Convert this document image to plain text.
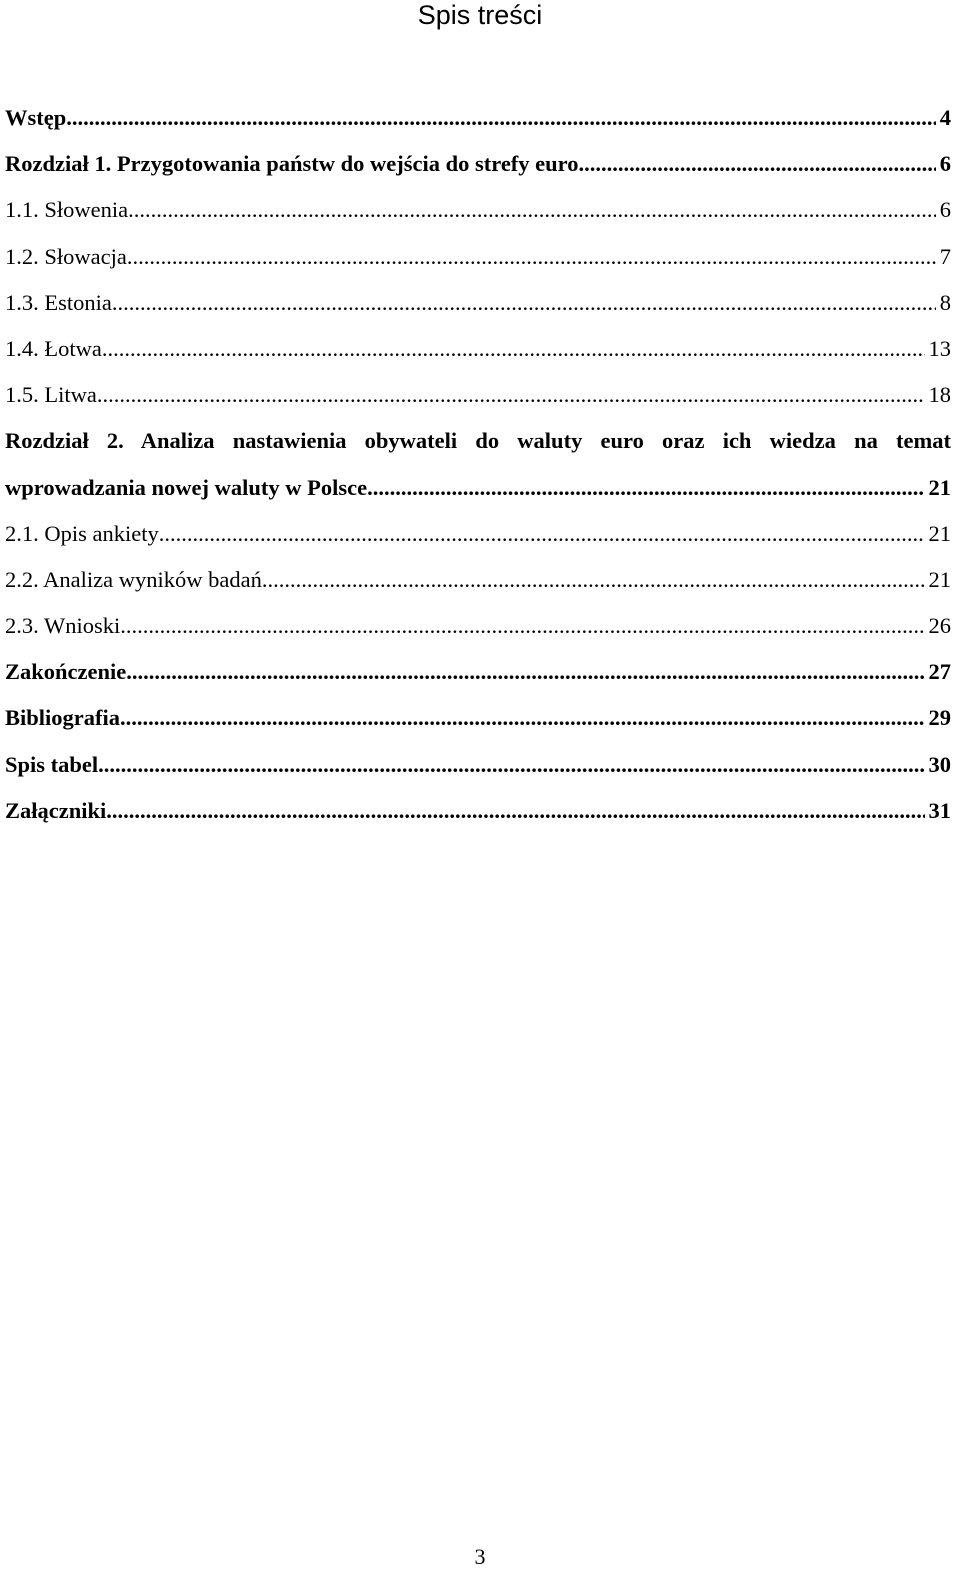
Spis treści
Wstęp .....	4
Rozdział 1. Przygotowania państw do wejścia do strefy euro .....	6
1.1. Słowenia .....	6
1.2. Słowacja .....	7
1.3. Estonia .....	8
1.4. Łotwa .....	13
1.5. Litwa .....	18
Rozdział 2. Analiza nastawienia obywateli do waluty euro oraz ich wiedza na temat
wprowadzania nowej waluty w Polsce .....	21
2.1. Opis ankiety .....	21
2.2. Analiza wyników badań .....	21
2.3. Wnioski .....	26
Zakończenie .....	27
Bibliografia .....	29
Spis tabel .....	30
Załączniki .....	31
3
